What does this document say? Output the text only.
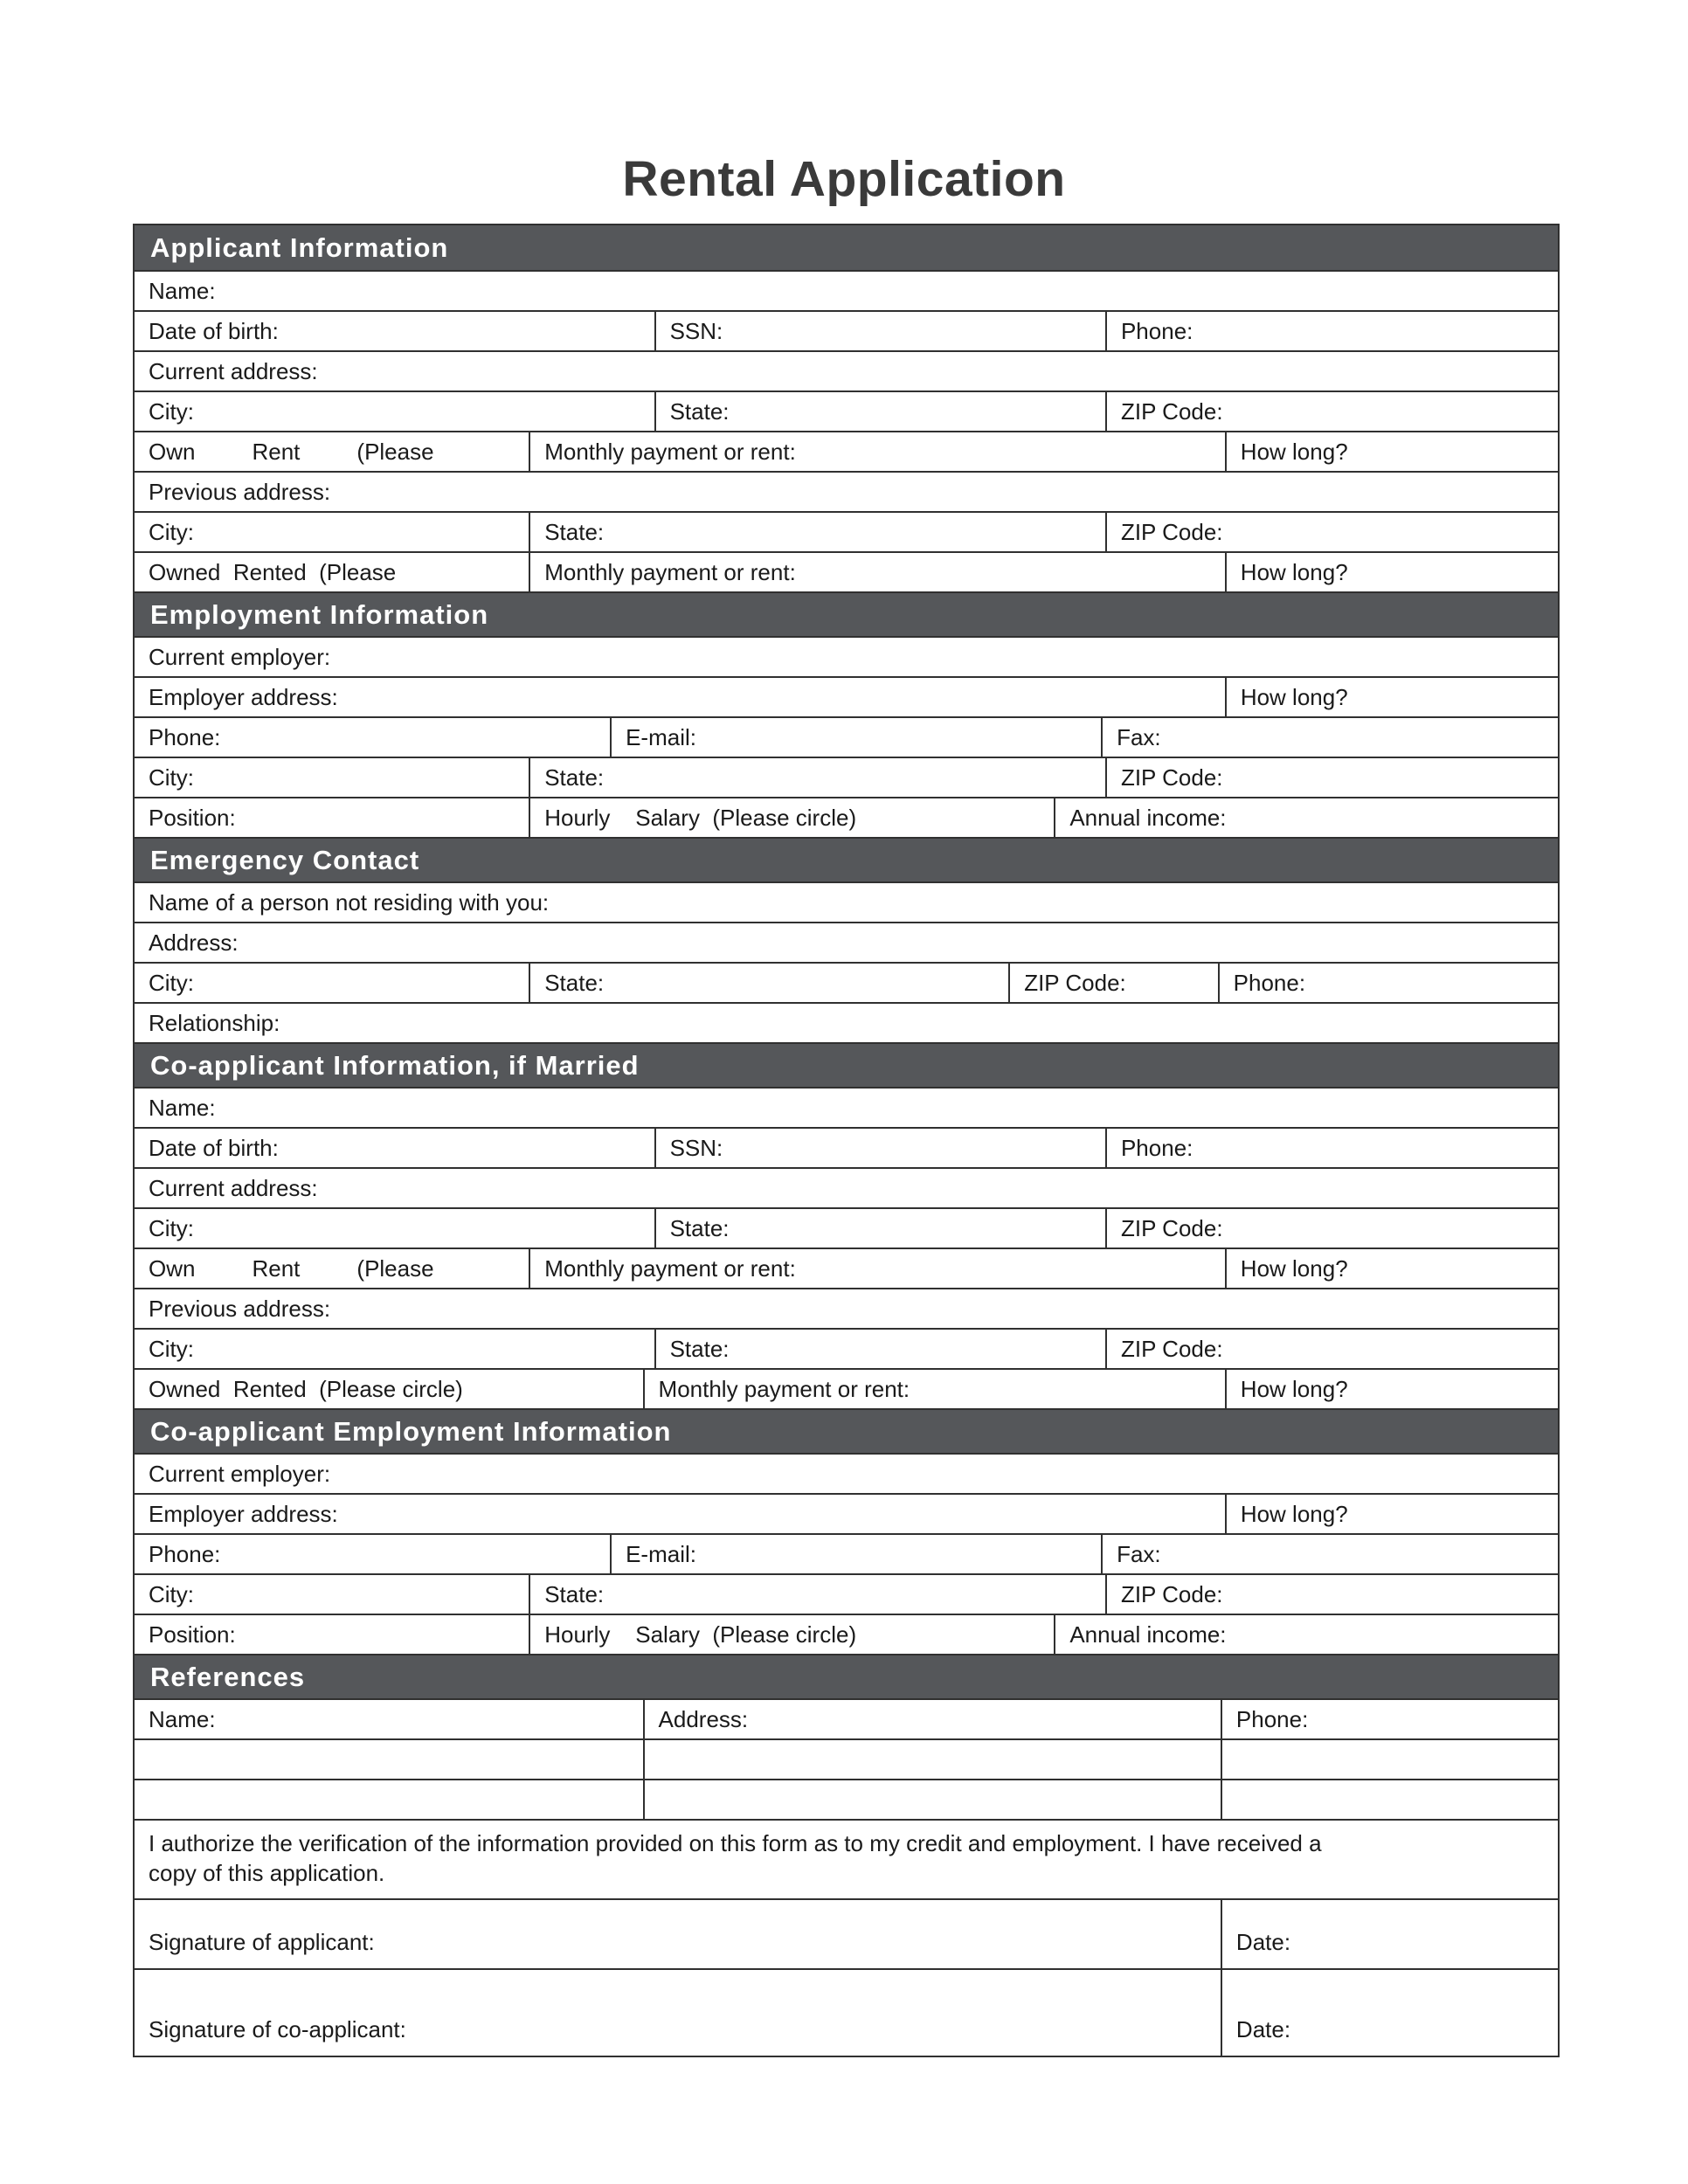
Rental Application
Applicant Information
Name:
Date of birth:	SSN:	Phone:
Current address:
City:	State:	ZIP Code:
Own         Rent         (Please	Monthly payment or rent:	How long?
Previous address:
City:	State:	ZIP Code:
Owned  Rented  (Please	Monthly payment or rent:	How long?
Employment Information
Current employer:
Employer address:	How long?
Phone:	E-mail:	Fax:
City:	State:	ZIP Code:
Position:	Hourly    Salary  (Please circle)	Annual income:
Emergency Contact
Name of a person not residing with you:
Address:
City:	State:	ZIP Code:	Phone:
Relationship:
Co-applicant Information, if Married
Name:
Date of birth:	SSN:	Phone:
Current address:
City:	State:	ZIP Code:
Own         Rent         (Please	Monthly payment or rent:	How long?
Previous address:
City:	State:	ZIP Code:
Owned  Rented  (Please circle)	Monthly payment or rent:	How long?
Co-applicant Employment Information
Current employer:
Employer address:	How long?
Phone:	E-mail:	Fax:
City:	State:	ZIP Code:
Position:	Hourly    Salary  (Please circle)	Annual income:
References
Name:	Address:	Phone:
I authorize the verification of the information provided on this form as to my credit and employment. I have received a copy of this application.
Signature of applicant:	Date:
Signature of co-applicant:	Date:
